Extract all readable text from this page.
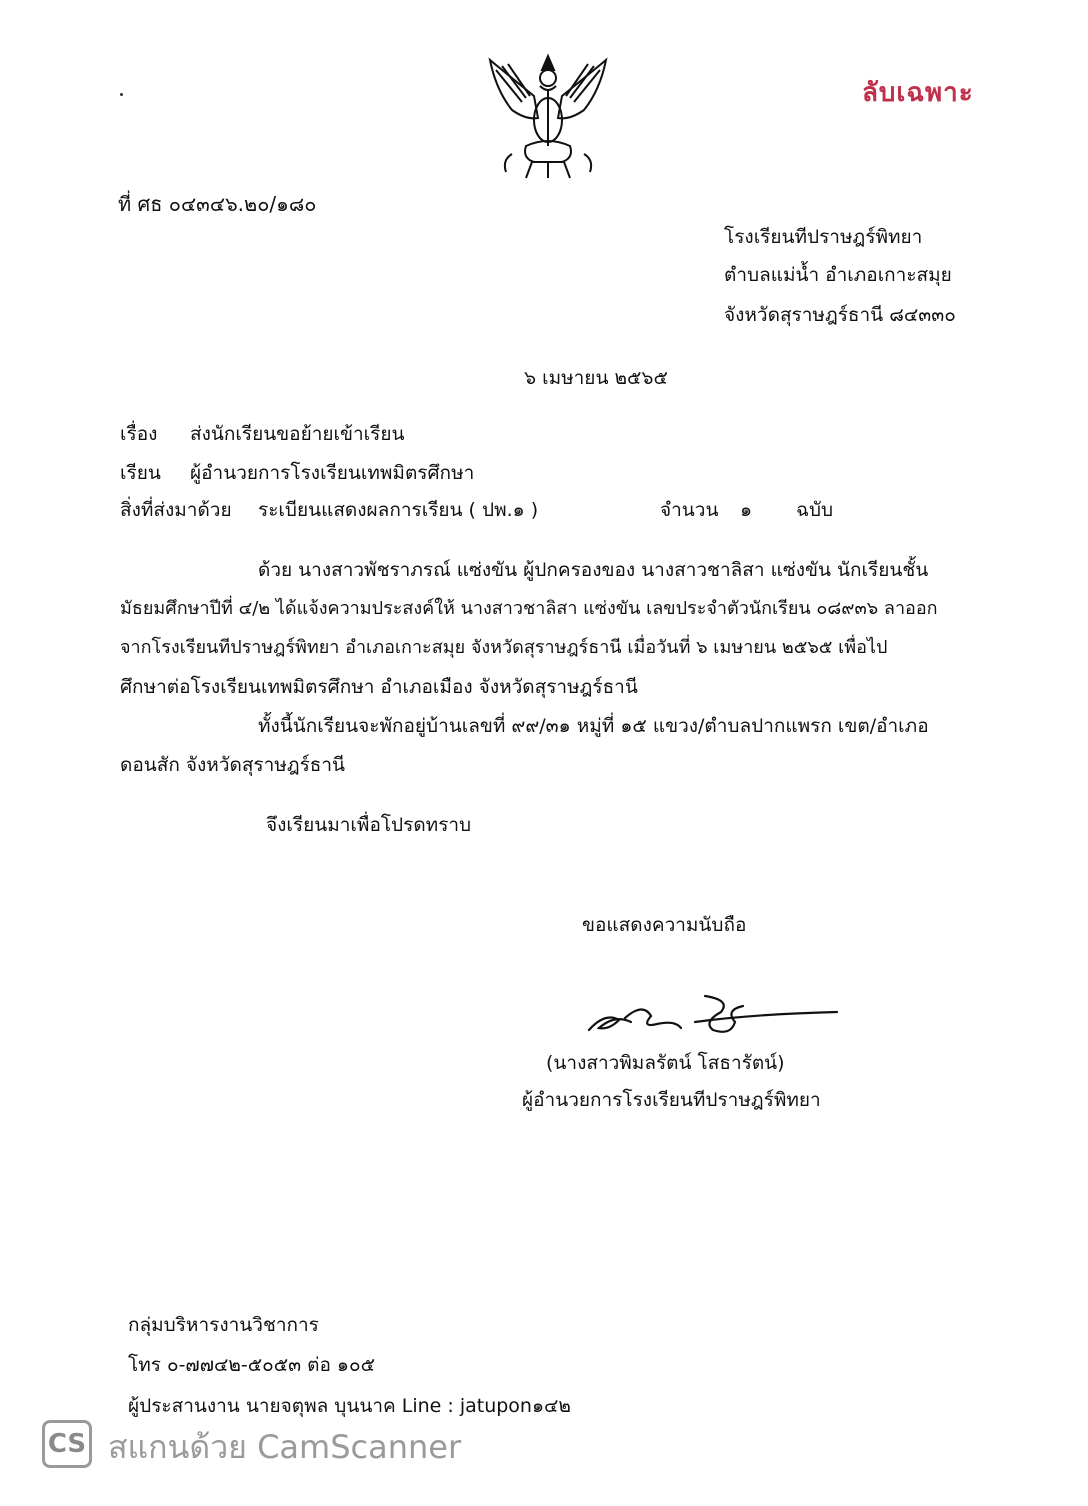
ลับเฉพาะ
ที่ ศธ ๐๔๓๔๖.๒๐/๑๘๐
โรงเรียนทีปราษฎร์พิทยา
ตำบลแม่น้ำ อำเภอเกาะสมุย
จังหวัดสุราษฎร์ธานี ๘๔๓๓๐
๖ เมษายน ๒๕๖๕
เรื่อง ส่งนักเรียนขอย้ายเข้าเรียน
เรียน ผู้อำนวยการโรงเรียนเทพมิตรศึกษา
สิ่งที่ส่งมาด้วย ระเบียนแสดงผลการเรียน ( ปพ.๑ )	จำนวน ๑ ฉบับ
ด้วย นางสาวพัชราภรณ์ แซ่งขัน ผู้ปกครองของ นางสาวชาลิสา แซ่งขัน นักเรียนชั้น
มัธยมศึกษาปีที่ ๔/๒ ได้แจ้งความประสงค์ให้ นางสาวชาลิสา แซ่งขัน เลขประจำตัวนักเรียน ๐๘๙๓๖ ลาออก
จากโรงเรียนทีปราษฎร์พิทยา อำเภอเกาะสมุย จังหวัดสุราษฎร์ธานี เมื่อวันที่ ๖ เมษายน ๒๕๖๕ เพื่อไป
ศึกษาต่อโรงเรียนเทพมิตรศึกษา อำเภอเมือง จังหวัดสุราษฎร์ธานี
ทั้งนี้นักเรียนจะพักอยู่บ้านเลขที่ ๙๙/๓๑ หมู่ที่ ๑๕ แขวง/ตำบลปากแพรก เขต/อำเภอ
ดอนสัก จังหวัดสุราษฎร์ธานี
จึงเรียนมาเพื่อโปรดทราบ
ขอแสดงความนับถือ
(นางสาวพิมลรัตน์ โสธารัตน์)
ผู้อำนวยการโรงเรียนทีปราษฎร์พิทยา
กลุ่มบริหารงานวิชาการ
โทร ๐-๗๗๔๒-๕๐๕๓ ต่อ ๑๐๕
ผู้ประสานงาน นายจตุพล บุนนาค Line : jatupon๑๔๒
CS สแกนด้วย CamScanner
